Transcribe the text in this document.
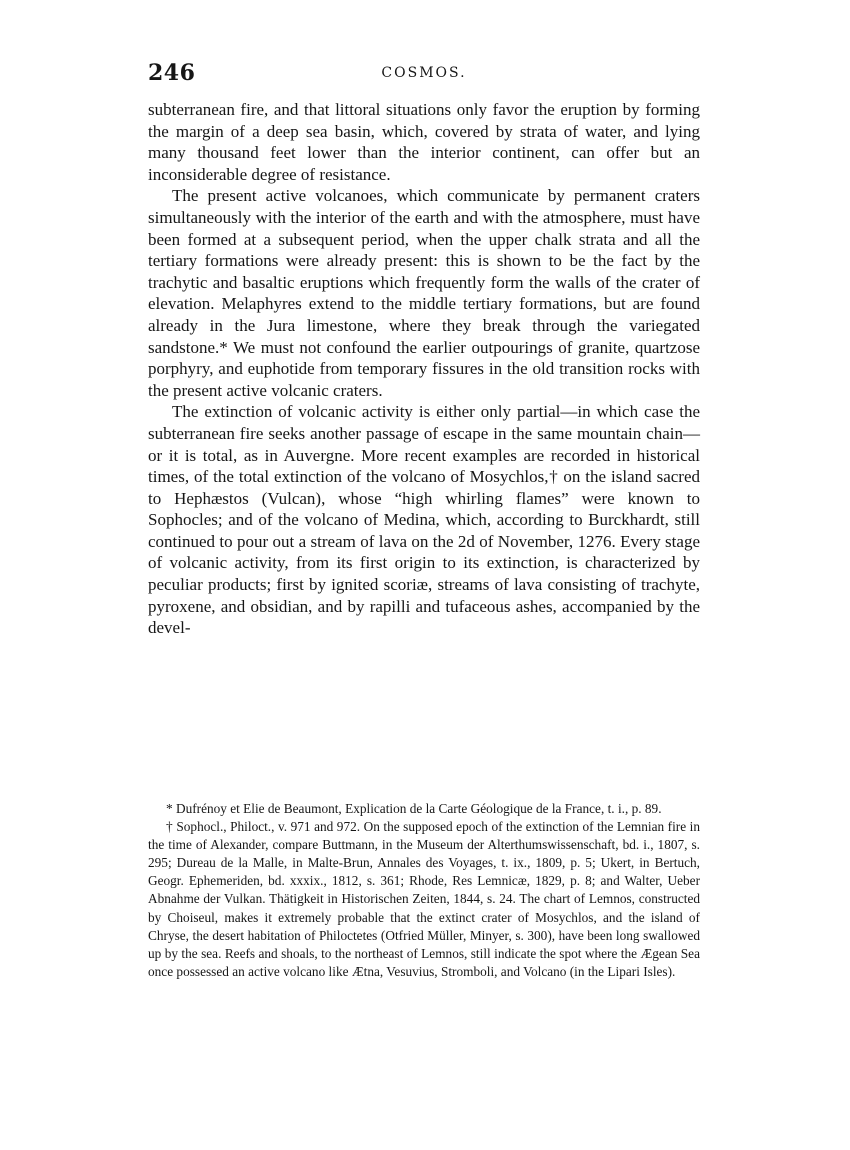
246	COSMOS.

subterranean fire, and that littoral situations only favor the eruption by forming the margin of a deep sea basin, which, covered by strata of water, and lying many thousand feet lower than the interior continent, can offer but an inconsiderable degree of resistance.

The present active volcanoes, which communicate by permanent craters simultaneously with the interior of the earth and with the atmosphere, must have been formed at a subsequent period, when the upper chalk strata and all the tertiary formations were already present: this is shown to be the fact by the trachytic and basaltic eruptions which frequently form the walls of the crater of elevation. Melaphyres extend to the middle tertiary formations, but are found already in the Jura limestone, where they break through the variegated sandstone.* We must not confound the earlier outpourings of granite, quartzose porphyry, and euphotide from temporary fissures in the old transition rocks with the present active volcanic craters.

The extinction of volcanic activity is either only partial—in which case the subterranean fire seeks another passage of escape in the same mountain chain—or it is total, as in Auvergne. More recent examples are recorded in historical times, of the total extinction of the volcano of Mosychlos,† on the island sacred to Hephæstos (Vulcan), whose “high whirling flames” were known to Sophocles; and of the volcano of Medina, which, according to Burckhardt, still continued to pour out a stream of lava on the 2d of November, 1276. Every stage of volcanic activity, from its first origin to its extinction, is characterized by peculiar products; first by ignited scoriæ, streams of lava consisting of trachyte, pyroxene, and obsidian, and by rapilli and tufaceous ashes, accompanied by the devel-

* Dufrénoy et Elie de Beaumont, Explication de la Carte Géologique de la France, t. i., p. 89.

† Sophocl., Philoct., v. 971 and 972. On the supposed epoch of the extinction of the Lemnian fire in the time of Alexander, compare Buttmann, in the Museum der Alterthumswissenschaft, bd. i., 1807, s. 295; Dureau de la Malle, in Malte-Brun, Annales des Voyages, t. ix., 1809, p. 5; Ukert, in Bertuch, Geogr. Ephemeriden, bd. xxxix., 1812, s. 361; Rhode, Res Lemnicæ, 1829, p. 8; and Walter, Ueber Abnahme der Vulkan. Thätigkeit in Historischen Zeiten, 1844, s. 24. The chart of Lemnos, constructed by Choiseul, makes it extremely probable that the extinct crater of Mosychlos, and the island of Chryse, the desert habitation of Philoctetes (Otfried Müller, Minyer, s. 300), have been long swallowed up by the sea. Reefs and shoals, to the northeast of Lemnos, still indicate the spot where the Ægean Sea once possessed an active volcano like Ætna, Vesuvius, Stromboli, and Volcano (in the Lipari Isles).
